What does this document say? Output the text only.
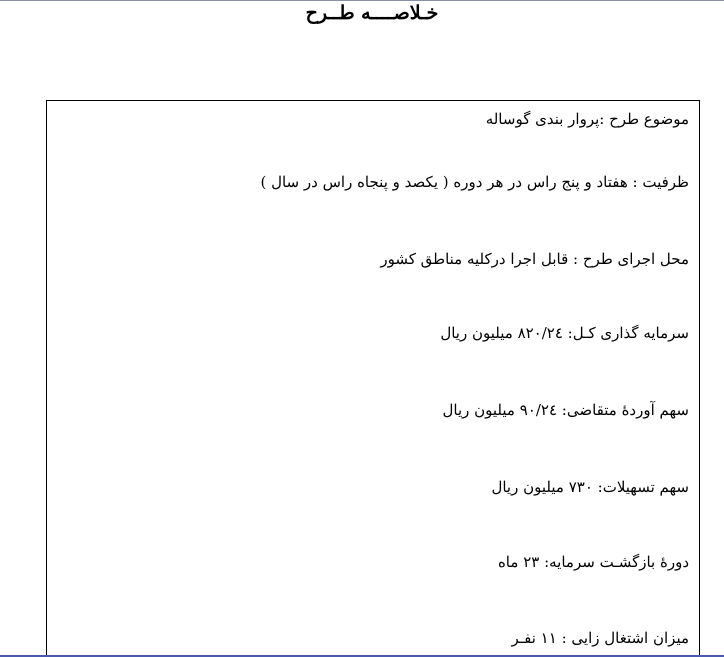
خـلاصــــه طــرح
موضوع طرح :پروار بندی گوساله
ظرفیت : هفتاد و پنج راس در هر دوره ( یکصد و پنجاه راس در سال )
محل اجرای طرح : قابل اجرا درکلیه مناطق کشور
سرمایه گذاری کـل: ۸۲۰/۲٤ میلیون ریال
سهم آوردهٔ متقاضی: ۹۰/۲٤ میلیون ریال
سهم تسهیلات: ۷۳۰ میلیون ریال
دورهٔ بازگشـت سرمایه: ۲۳ ماه
میزان اشتغال زایی : ۱۱ نفـر
